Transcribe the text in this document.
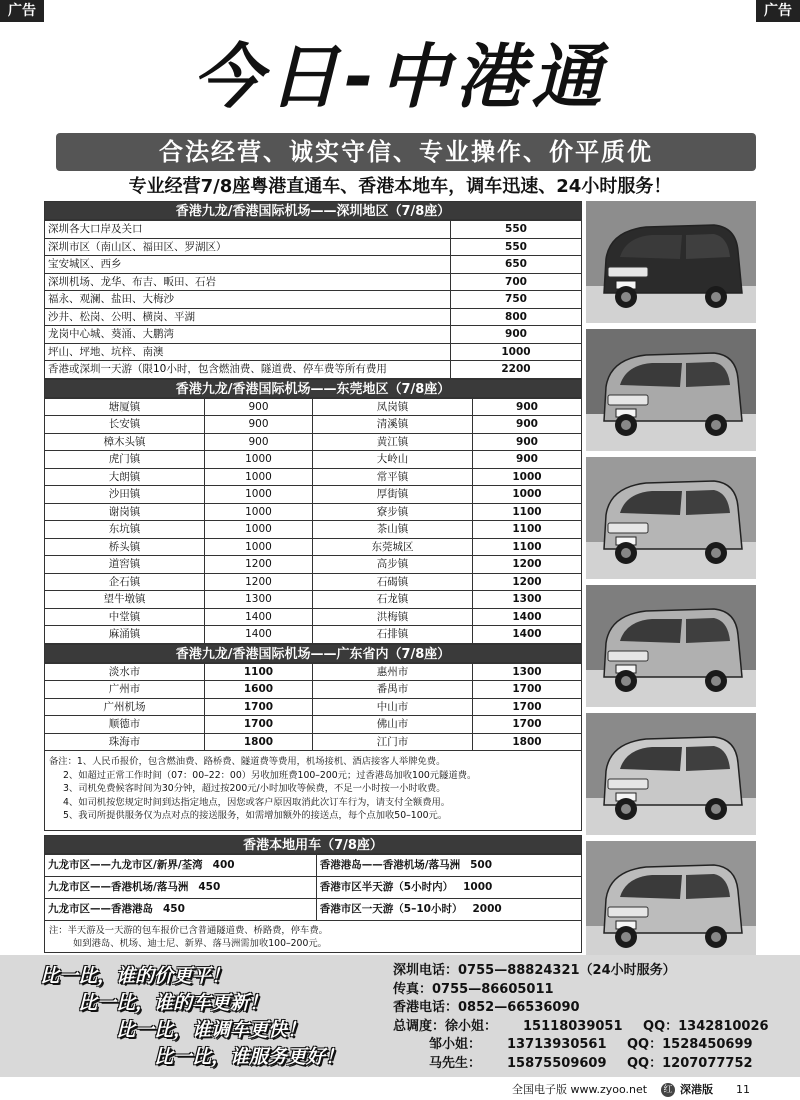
广告	广告
今日-中港通
合法经营、诚实守信、专业操作、价平质优
专业经营7/8座粤港直通车、香港本地车，调车迅速、24小时服务！
香港九龙/香港国际机场——深圳地区（7/8座）
深圳各大口岸及关口	550
深圳市区（南山区、福田区、罗湖区）	550
宝安城区、西乡	650
深圳机场、龙华、布吉、畈田、石岩	700
福永、观澜、盐田、大梅沙	750
沙井、松岗、公明、横岗、平湖	800
龙岗中心城、葵涌、大鹏湾	900
坪山、坪地、坑梓、南澳	1000
香港或深圳一天游（限10小时，包含燃油费、隧道费、停车费等所有费用	2200
香港九龙/香港国际机场——东莞地区（7/8座）
塘厦镇	900	凤岗镇	900
长安镇	900	清溪镇	900
樟木头镇	900	黄江镇	900
虎门镇	1000	大岭山	900
大朗镇	1000	常平镇	1000
沙田镇	1000	厚街镇	1000
谢岗镇	1000	寮步镇	1100
东坑镇	1000	茶山镇	1100
桥头镇	1000	东莞城区	1100
道窖镇	1200	高步镇	1200
企石镇	1200	石碣镇	1200
望牛墩镇	1300	石龙镇	1300
中堂镇	1400	洪梅镇	1400
麻涌镇	1400	石排镇	1400
香港九龙/香港国际机场——广东省内（7/8座）
淡水市	1100	惠州市	1300
广州市	1600	番禺市	1700
广州机场	1700	中山市	1700
顺德市	1700	佛山市	1700
珠海市	1800	江门市	1800
备注：1、人民币报价，包含燃油费、路桥费、隧道费等费用，机场接机、酒店接客人举牌免费。
2、如超过正常工作时间（07：00–22：00）另收加班费100–200元；过香港岛加收100元隧道费。
3、司机免费候客时间为30分钟，超过按200元/小时加收等候费，不足一小时按一小时收费。
4、如司机按您规定时间到达指定地点，因您或客户原因取消此次订车行为，请支付全额费用。
5、我司所提供服务仅为点对点的接送服务，如需增加额外的接送点，每个点加收50–100元。
香港本地用车（7/8座）
九龙市区——九龙市区/新界/荃湾 400	香港港岛——香港机场/落马洲 500
九龙市区——香港机场/落马洲 450	香港市区半天游（5小时内） 1000
九龙市区——香港港岛 450	香港市区一天游（5–10小时） 2000
注：半天游及一天游的包车报价已含普通隧道费、桥路费，停车费。
如到港岛、机场、迪士尼、新界、落马洲需加收100–200元。
比一比，谁的价更平！
比一比，谁的车更新！
比一比，谁调车更快！
比一比，谁服务更好！
深圳电话：0755—88824321（24小时服务）
传真：0755—86605011
香港电话：0852—66536090
总调度：徐小姐： 15118039051 QQ：1342810026
邹小姐： 13713930561 QQ：1528450699
马先生： 15875509609 QQ：1207077752
全国电子版 www.zyoo.net 红 深港版 11
